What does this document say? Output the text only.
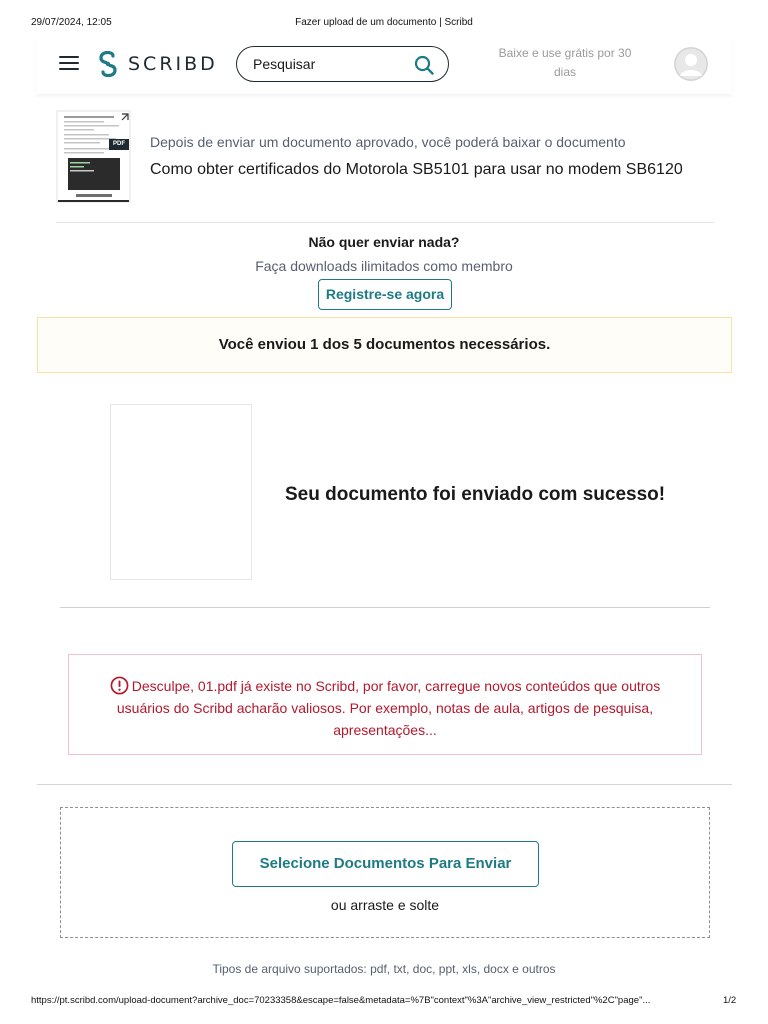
29/07/2024, 12:05	Fazer upload de um documento | Scribd
SCRIBD	Pesquisar
Baixe e use grátis por 30
dias
PDF Depois de enviar um documento aprovado, você poderá baixar o documento
Como obter certificados do Motorola SB5101 para usar no modem SB6120
Não quer enviar nada?
Faça downloads ilimitados como membro
Registre-se agora
Você enviou 1 dos 5 documentos necessários.
Seu documento foi enviado com sucesso!
Desculpe, 01.pdf já existe no Scribd, por favor, carregue novos conteúdos que outros
usuários do Scribd acharão valiosos. Por exemplo, notas de aula, artigos de pesquisa,
apresentações...
Selecione Documentos Para Enviar
ou arraste e solte
Tipos de arquivo suportados: pdf, txt, doc, ppt, xls, docx e outros
https://pt.scribd.com/upload-document?archive_doc=70233358&escape=false&metadata=%7B"context"%3A"archive_view_restricted"%2C"page"...	1/2
